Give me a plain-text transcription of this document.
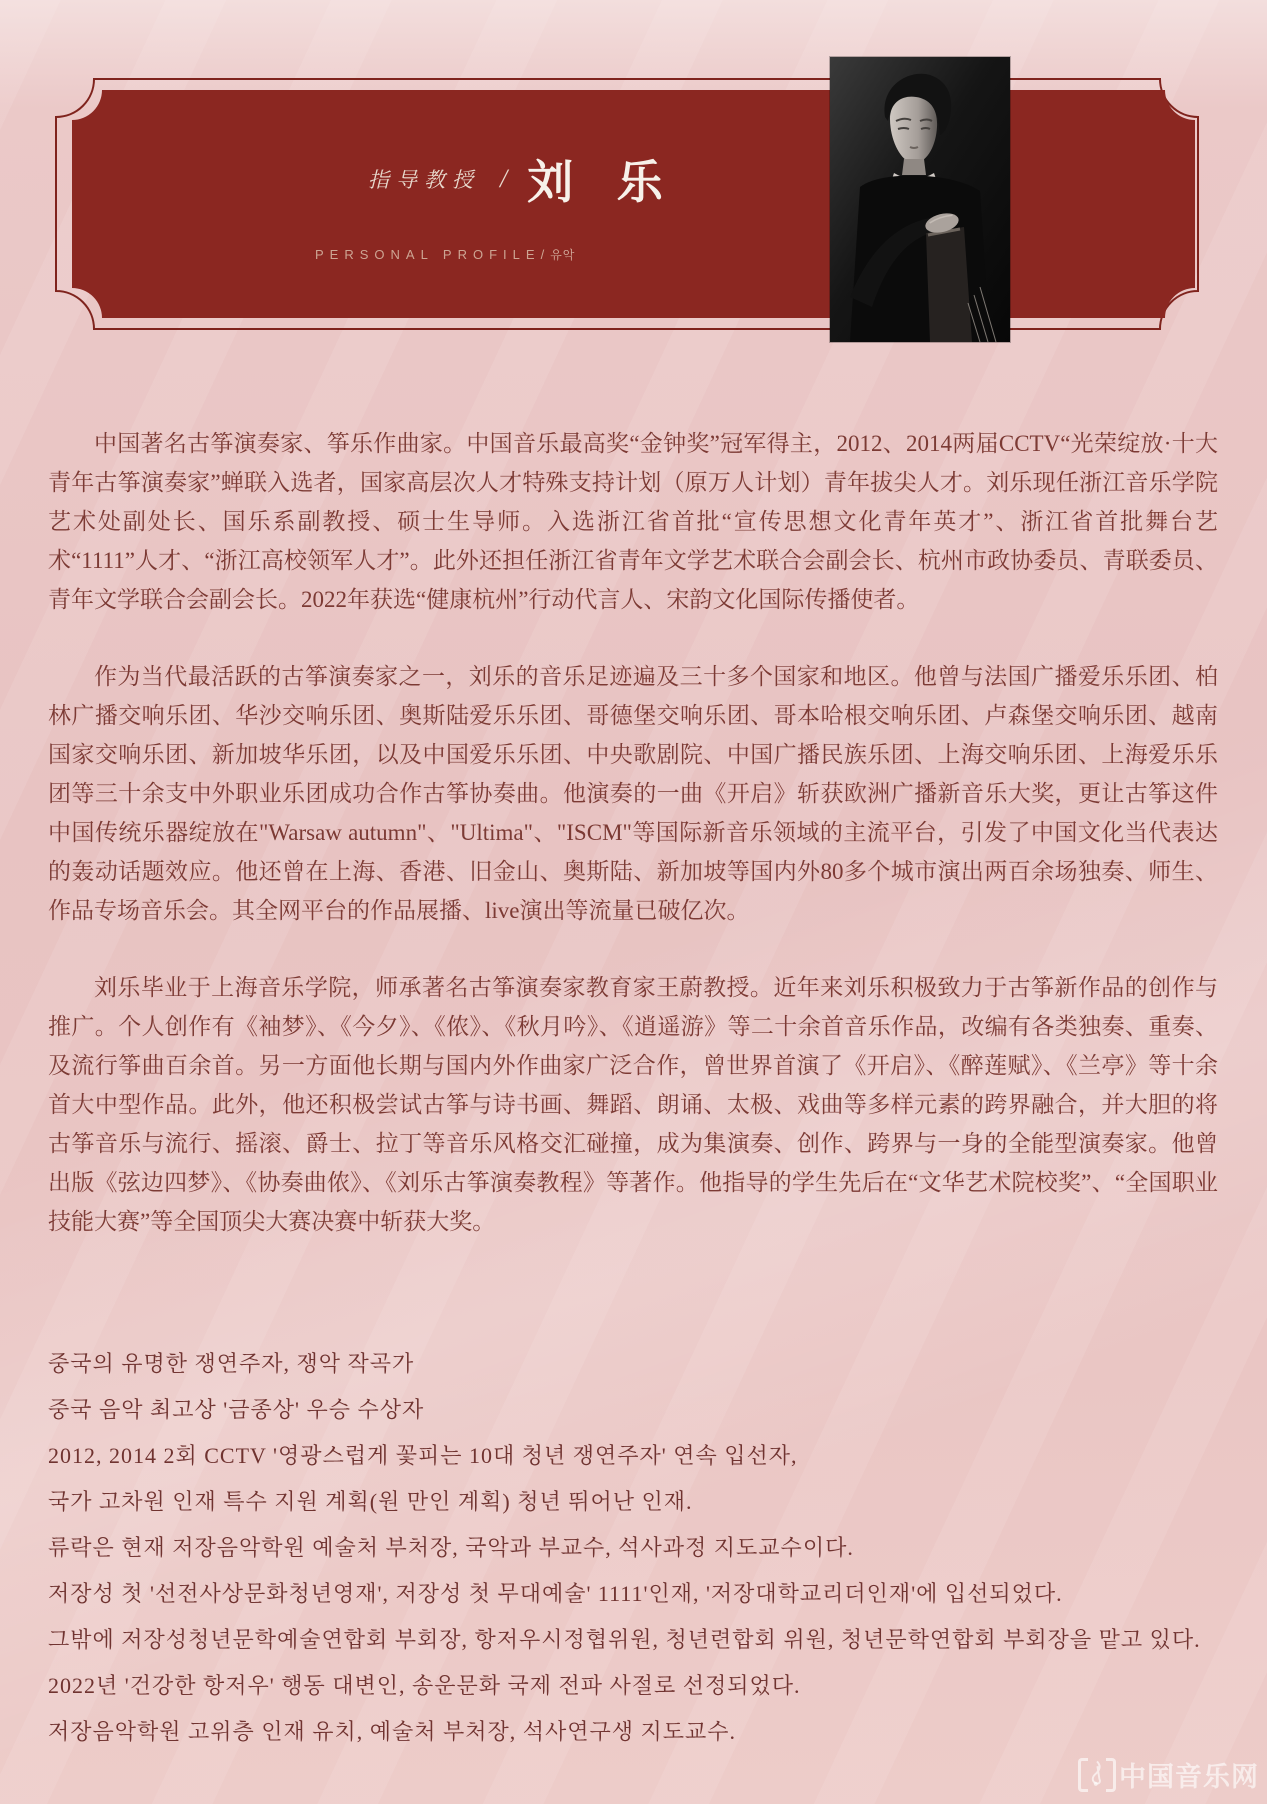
指导教授 / 刘 乐
PERSONAL PROFILE/유악

中国著名古筝演奏家、筝乐作曲家。中国音乐最高奖“金钟奖”冠军得主，2012、2014两届CCTV“光荣绽放·十大青年古筝演奏家”蝉联入选者，国家高层次人才特殊支持计划（原万人计划）青年拔尖人才。刘乐现任浙江音乐学院艺术处副处长、国乐系副教授、硕士生导师。入选浙江省首批“宣传思想文化青年英才”、浙江省首批舞台艺术“1111”人才、“浙江高校领军人才”。此外还担任浙江省青年文学艺术联合会副会长、杭州市政协委员、青联委员、青年文学联合会副会长。2022年获选“健康杭州”行动代言人、宋韵文化国际传播使者。

作为当代最活跃的古筝演奏家之一，刘乐的音乐足迹遍及三十多个国家和地区。他曾与法国广播爱乐乐团、柏林广播交响乐团、华沙交响乐团、奥斯陆爱乐乐团、哥德堡交响乐团、哥本哈根交响乐团、卢森堡交响乐团、越南国家交响乐团、新加坡华乐团，以及中国爱乐乐团、中央歌剧院、中国广播民族乐团、上海交响乐团、上海爱乐乐团等三十余支中外职业乐团成功合作古筝协奏曲。他演奏的一曲《开启》斩获欧洲广播新音乐大奖，更让古筝这件中国传统乐器绽放在"Warsaw autumn"、"Ultima"、"ISCM"等国际新音乐领域的主流平台，引发了中国文化当代表达的轰动话题效应。他还曾在上海、香港、旧金山、奥斯陆、新加坡等国内外80多个城市演出两百余场独奏、师生、作品专场音乐会。其全网平台的作品展播、live演出等流量已破亿次。

刘乐毕业于上海音乐学院，师承著名古筝演奏家教育家王蔚教授。近年来刘乐积极致力于古筝新作品的创作与推广。个人创作有《袖梦》、《今夕》、《侬》、《秋月吟》、《逍遥游》等二十余首音乐作品，改编有各类独奏、重奏、及流行筝曲百余首。另一方面他长期与国内外作曲家广泛合作，曾世界首演了《开启》、《醉莲赋》、《兰亭》等十余首大中型作品。此外，他还积极尝试古筝与诗书画、舞蹈、朗诵、太极、戏曲等多样元素的跨界融合，并大胆的将古筝音乐与流行、摇滚、爵士、拉丁等音乐风格交汇碰撞，成为集演奏、创作、跨界与一身的全能型演奏家。他曾出版《弦边四梦》、《协奏曲侬》、《刘乐古筝演奏教程》等著作。他指导的学生先后在“文华艺术院校奖”、“全国职业技能大赛”等全国顶尖大赛决赛中斩获大奖。

중국의 유명한 쟁연주자, 쟁악 작곡가
중국 음악 최고상 '금종상' 우승 수상자
2012, 2014 2회 CCTV '영광스럽게 꽃피는 10대 청년 쟁연주자' 연속 입선자,
국가 고차원 인재 특수 지원 계획(원 만인 계획) 청년 뛰어난 인재.
류락은 현재 저장음악학원 예술처 부처장, 국악과 부교수, 석사과정 지도교수이다.
저장성 첫 '선전사상문화청년영재', 저장성 첫 무대예술' 1111'인재, '저장대학교리더인재'에 입선되었다.
그밖에 저장성청년문학예술연합회 부회장, 항저우시정협위원, 청년련합회 위원, 청년문학연합회 부회장을 맡고 있다.
2022년 '건강한 항저우' 행동 대변인, 송운문화 국제 전파 사절로 선정되었다.
저장음악학원 고위층 인재 유치, 예술처 부처장, 석사연구생 지도교수.
中国音乐网
